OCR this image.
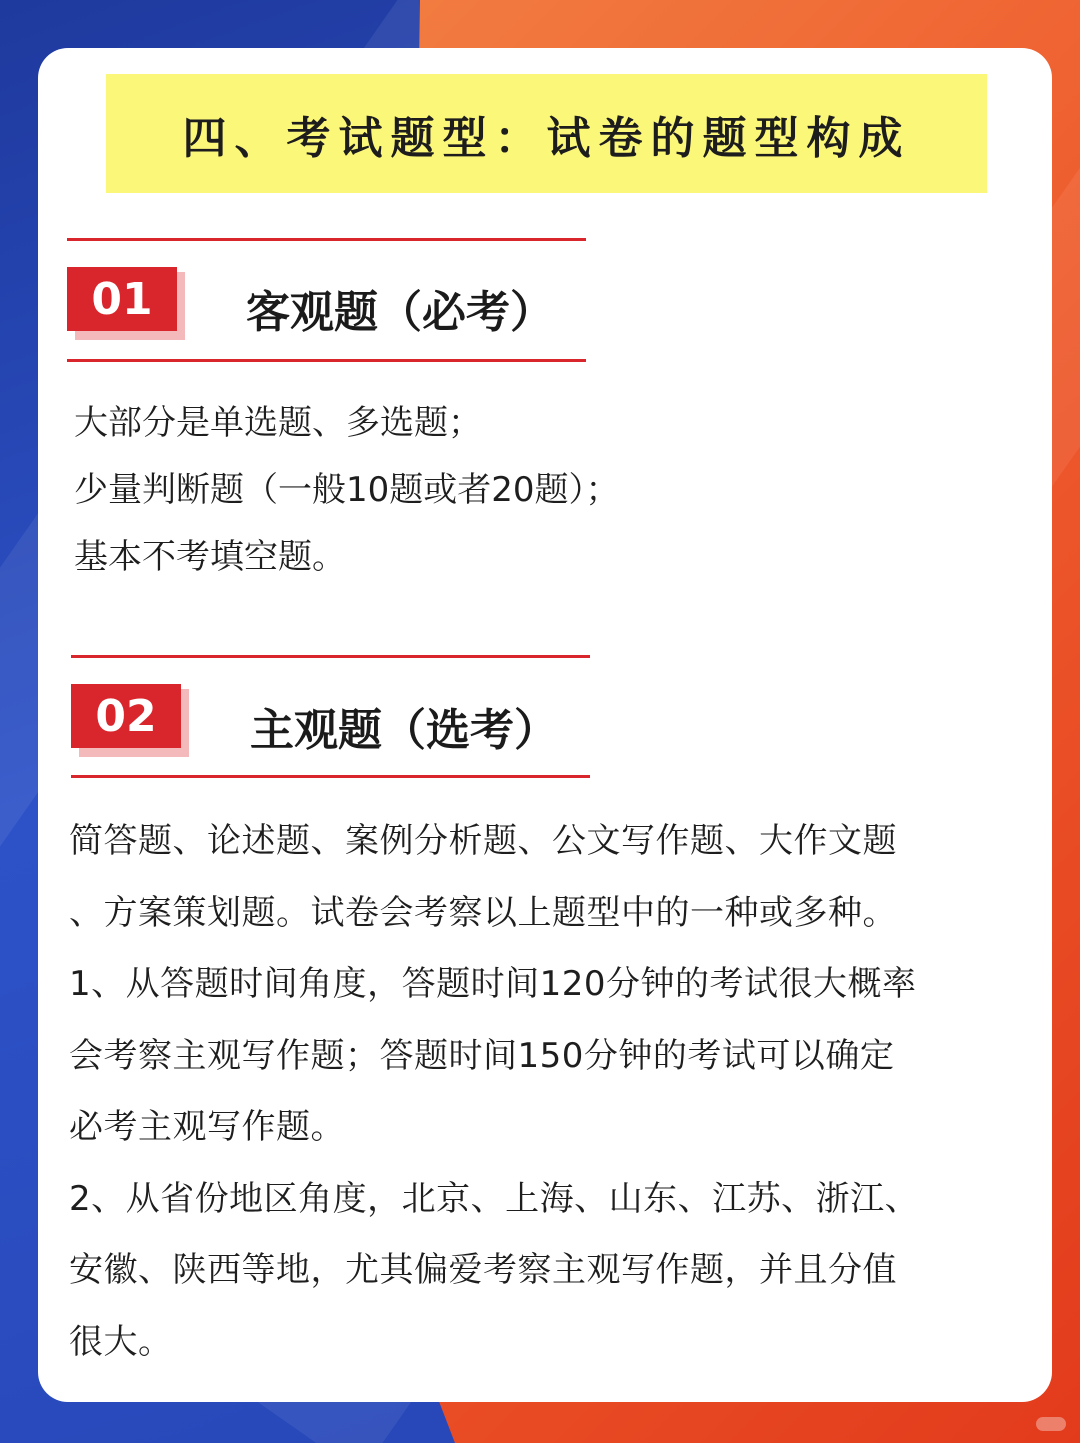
四、考试题型：试卷的题型构成
01	客观题（必考）
大部分是单选题、多选题；
少量判断题（一般10题或者20题）；
基本不考填空题。
02	主观题（选考）
简答题、论述题、案例分析题、公文写作题、大作文题
、方案策划题。试卷会考察以上题型中的一种或多种。
1、从答题时间角度，答题时间120分钟的考试很大概率
会考察主观写作题；答题时间150分钟的考试可以确定
必考主观写作题。
2、从省份地区角度，北京、上海、山东、江苏、浙江、
安徽、陕西等地，尤其偏爱考察主观写作题，并且分值
很大。
